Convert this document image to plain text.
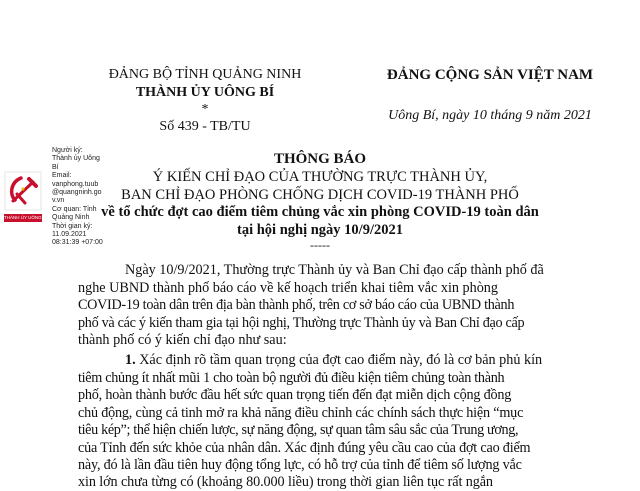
ĐẢNG BỘ TỈNH QUẢNG NINH
THÀNH ỦY UÔNG BÍ
*
Số 439 - TB/TU
ĐẢNG CỘNG SẢN VIỆT NAM
Uông Bí, ngày 10 tháng 9 năm 2021
Người ký:
Thành ủy Uông
Bí
Email:
vanphong.tuub
@quangninh.go
v.vn
Cơ quan: Tỉnh
Quảng Ninh
Thời gian ký:
11.09.2021
08:31:39 +07:00
THÀNH ỦY UÔNG BÍ
THÔNG BÁO
Ý KIẾN CHỈ ĐẠO CỦA THƯỜNG TRỰC THÀNH ỦY,
BAN CHỈ ĐẠO PHÒNG CHỐNG DỊCH COVID-19 THÀNH PHỐ
về tổ chức đợt cao điểm tiêm chủng vắc xin phòng COVID-19 toàn dân
tại hội nghị ngày 10/9/2021
-----
Ngày 10/9/2021, Thường trực Thành ủy và Ban Chỉ đạo cấp thành phố đã
nghe UBND thành phố báo cáo về kế hoạch triển khai tiêm vắc xin phòng
COVID-19 toàn dân trên địa bàn thành phố, trên cơ sở báo cáo của UBND thành
phố và các ý kiến tham gia tại hội nghị, Thường trực Thành ủy và Ban Chỉ đạo cấp
thành phố có ý kiến chỉ đạo như sau:
1. Xác định rõ tầm quan trọng của đợt cao điểm này, đó là cơ bản phủ kín
tiêm chủng ít nhất mũi 1 cho toàn bộ người đủ điều kiện tiêm chủng toàn thành
phố, hoàn thành bước đầu hết sức quan trọng tiến đến đạt miễn dịch cộng đồng
chủ động, cùng cả tinh mở ra khả năng điều chỉnh các chính sách thực hiện “mục
tiêu kép”; thể hiện chiến lược, sự năng động, sự quan tâm sâu sắc của Trung ương,
của Tỉnh đến sức khỏe của nhân dân. Xác định đúng yêu cầu cao của đợt cao điểm
này, đó là lần đầu tiên huy động tổng lực, có hỗ trợ của tỉnh để tiêm số lượng vắc
xin lớn chưa từng có (khoảng 80.000 liều) trong thời gian liên tục rất ngắn
